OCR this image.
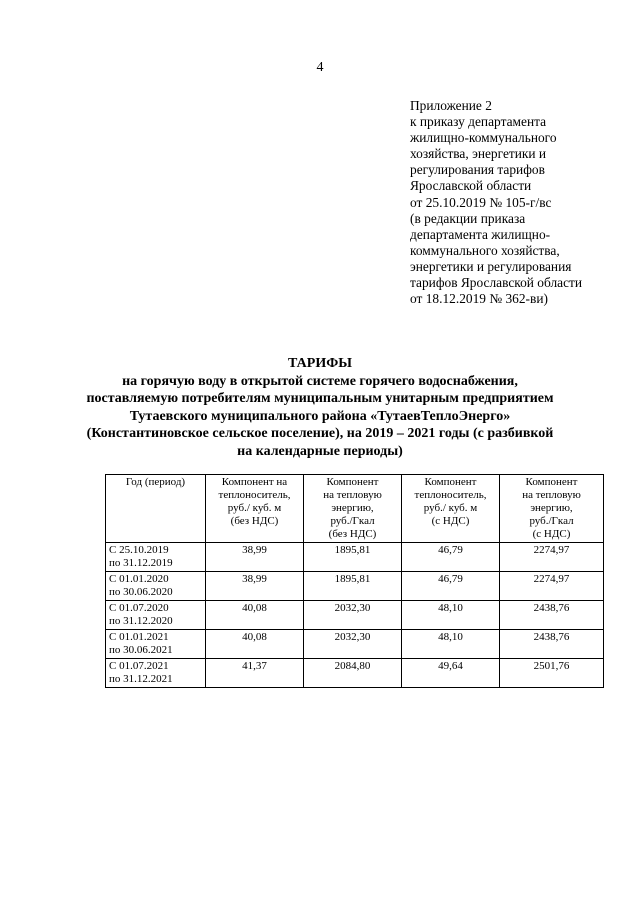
4
Приложение 2
к приказу департамента
жилищно-коммунального
хозяйства, энергетики и
регулирования тарифов
Ярославской области
от 25.10.2019 № 105-г/вс
(в редакции приказа
департамента жилищно-
коммунального хозяйства,
энергетики и регулирования
тарифов Ярославской области
от 18.12.2019 № 362-ви)
ТАРИФЫ
на горячую воду в открытой системе горячего водоснабжения,
поставляемую потребителям муниципальным унитарным предприятием
Тутаевского муниципального района «ТутаевТеплоЭнерго»
(Константиновское сельское поселение), на 2019 – 2021 годы (с разбивкой
на календарные периоды)
Год (период)	Компонент на
теплоноситель,
руб./ куб. м
(без НДС)	Компонент
на тепловую
энергию,
руб./Гкал
(без НДС)	Компонент
теплоноситель,
руб./ куб. м
(с НДС)	Компонент
на тепловую
энергию,
руб./Гкал
(с НДС)

С 25.10.2019
по 31.12.2019	38,99	1895,81	46,79	2274,97

С 01.01.2020
по 30.06.2020	38,99	1895,81	46,79	2274,97

С 01.07.2020
по 31.12.2020	40,08	2032,30	48,10	2438,76

С 01.01.2021
по 30.06.2021	40,08	2032,30	48,10	2438,76

С 01.07.2021
по 31.12.2021	41,37	2084,80	49,64	2501,76
